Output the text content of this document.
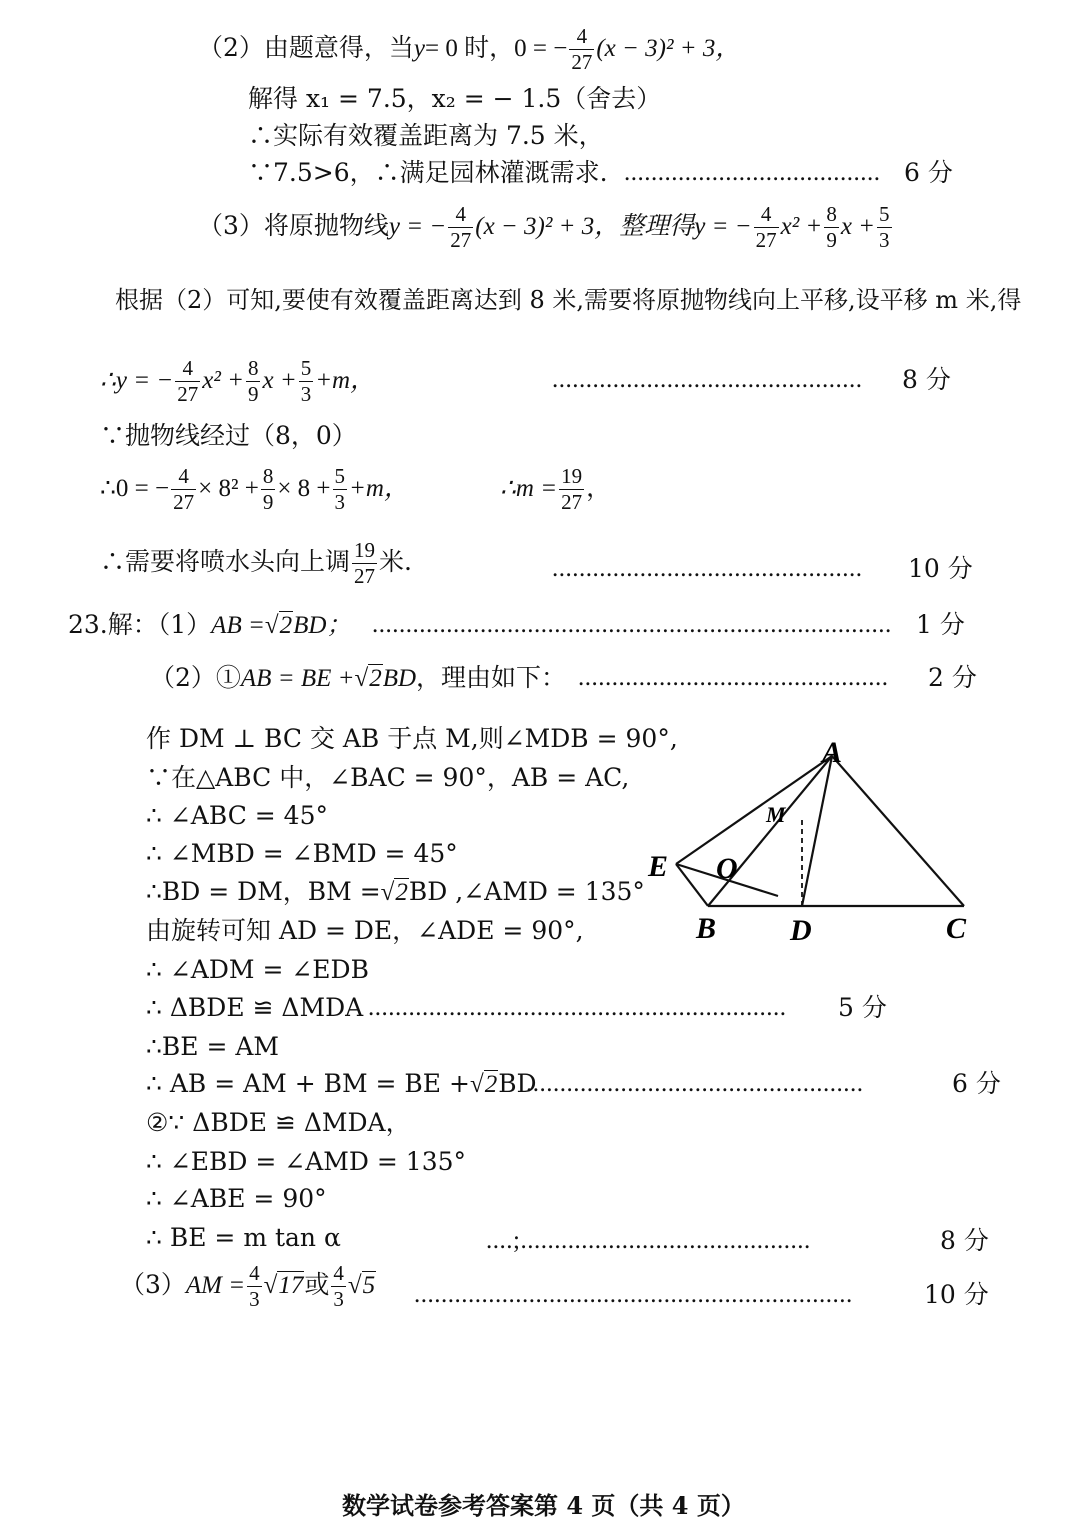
（2）由题意得，当y= 0 时，0 = − $\frac{4}{27} (x - 3)^2 + 3$，
解得 x₁ = 7.5，x₂ = − 1.5（舍去）
∴实际有效覆盖距离为 7.5 米，
∵7.5>6，∴满足园林灌溉需求. ...................................... 6 分
（3）将原抛物线y = − $\frac{4}{27} (x - 3)^2 + 3$，整理得y = − $\frac{4}{27} x^2 + \frac{8}{9}$ $x + \frac{5}{3}$
根据（2）可知,要使有效覆盖距离达到 8 米,需要将原抛物线向上平移,设平移 m 米,得
∴y = − $\frac{4}{27} x^2 + \frac{8}{9}$ $x + \frac{5}{3} +m$，	.............................................. 8 分
∵抛物线经过（8，0）
∴0 = − $\frac{4}{27} \times 8^2 + \frac{8}{9} \times 8 + \frac{5}{3} +m$，	∴m = $\frac{19}{27}$ ，
∴需要将喷水头向上调 $\frac{19}{27}$ 米.	.............................................. 10 分
23.解：（1）AB =√2BD； ............................................................................. 1 分
（2）①AB = BE +√2BD，理由如下： .............................................. 2 分
作 DM ⊥ BC 交 AB 于点 M,则∠MDB = 90°,
∵在△ABC 中，∠BAC = 90°，AB = AC,
∴ ∠ABC = 45°
∴ ∠MBD = ∠BMD = 45°
∴BD = DM，BM =√2BD ,∠AMD = 135°
由旋转可知 AD = DE，∠ADE = 90°,
∴ ∠ADM = ∠EDB
∴ ΔBDE ≌ ΔMDA .............................................................. 5 分
∴BE = AM
∴ AB = AM + BM = BE +√2BD
..................................................	6 分
②∵ ΔBDE ≌ ΔMDA，
∴ ∠EBD = ∠AMD = 135°
∴ ∠ABE = 90°
∴ BE = m tan α	....;...........................................	8 分
$(3)AM = \frac{4}{3} √17$或 $\frac{4}{3} √5$ .................................................................	10 分
A
M
E O
B D	C
数学试卷参考答案第 4 页（共 4 页）
